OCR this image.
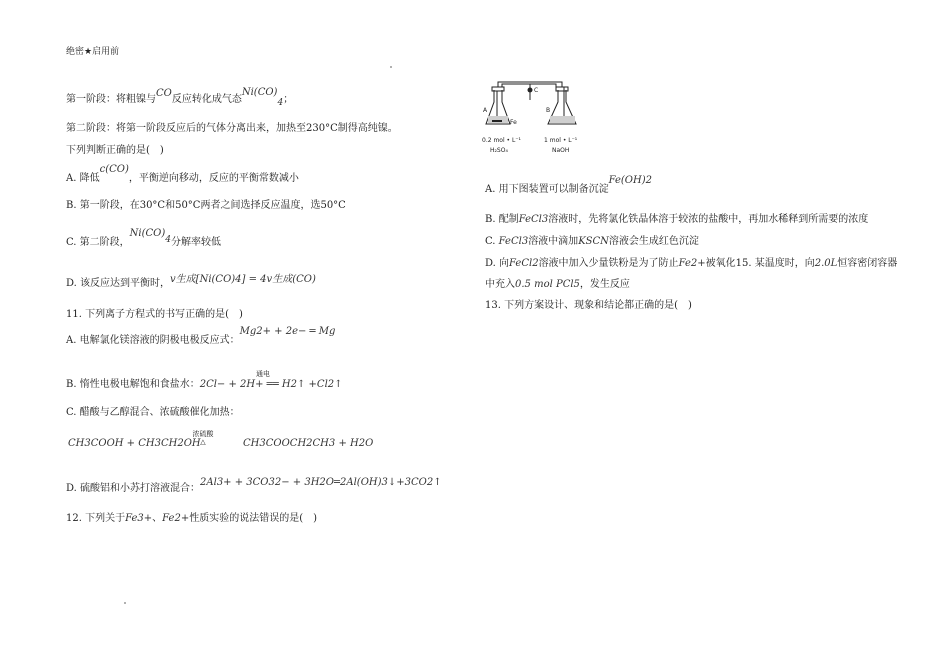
绝密★启用前
第一阶段：将粗镍与CO反应转化成气态$Ni(CO)_4$；
第二阶段：将第一阶段反应后的气体分离出来，加热至230°C制得高纯镍。
下列判断正确的是(　)
A. 降低c(CO)，平衡逆向移动，反应的平衡常数减小
B. 第一阶段，在30°C和50°C两者之间选择反应温度，选50°C
C. 第二阶段，$Ni(CO)_4$分解率较低
D. 该反应达到平衡时，v生成[Ni(CO)4] = 4v生成(CO)
11. 下列离子方程式的书写正确的是(　)
A. 电解氯化镁溶液的阴极电极反应式：Mg2+ + 2e− ═ Mg
B. 惰性电极电解饱和食盐水：2Cl− + 2H+ ══ H2↑ +Cl2↑
通电
C. 醋酸与乙醇混合、浓硫酸催化加热：
CH3COOH + CH3CH2OH	CH3COOCH2CH3 + H2O
浓硫酸
△
D. 硫酸铝和小苏打溶液混合：2Al3+ + 3CO32− + 3H2O═2Al(OH)3↓+3CO2↑
12. 下列关于Fe3+、Fe2+性质实验的说法错误的是(　)
A	B
C
Fe
0.2 mol • L⁻¹
H₂SO₄
1 mol • L⁻¹
NaOH
A. 用下图装置可以制备沉淀Fe(OH)2
B. 配制FeCl3溶液时，先将氯化铁晶体溶于较浓的盐酸中，再加水稀释到所需要的浓度
C. FeCl3溶液中滴加KSCN溶液会生成红色沉淀
D. 向FeCl2溶液中加入少量铁粉是为了防止Fe2+被氧化15. 某温度时，向2.0L恒容密闭容器
中充入0.5 mol PCl5，发生反应
13. 下列方案设计、现象和结论都正确的是(　)
